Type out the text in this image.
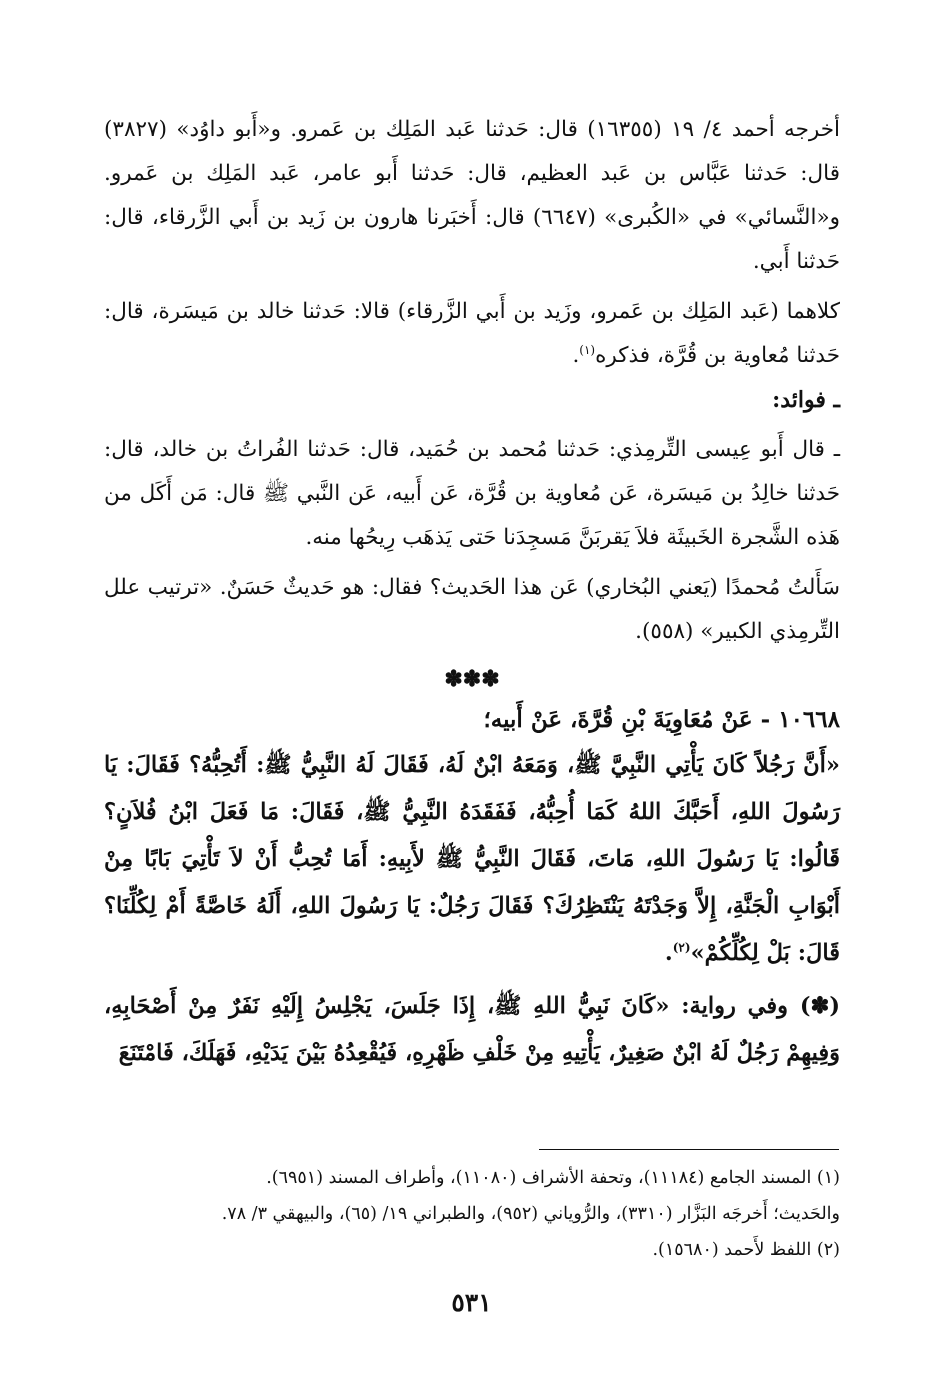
أخرجه أحمد ٤/ ١٩ (١٦٣٥٥) قال: حَدثنا عَبد المَلِك بن عَمرو. و«أَبو داوُد» (٣٨٢٧) قال: حَدثنا عَبَّاس بن عَبد العظيم، قال: حَدثنا أَبو عامر، عَبد المَلِك بن عَمرو. و«النَّسائي» في «الكُبرى» (٦٦٤٧) قال: أَخبَرنا هارون بن زَيد بن أَبي الزَّرقاء، قال: حَدثنا أَبي.

كلاهما (عَبد المَلِك بن عَمرو، وزَيد بن أَبي الزَّرقاء) قالا: حَدثنا خالد بن مَيسَرة، قال: حَدثنا مُعاوية بن قُرَّة، فذكره$^{(١)}$.

ـ فوائد:

ـ قال أَبو عِيسى التِّرمِذي: حَدثنا مُحمد بن حُمَيد، قال: حَدثنا الفُراتُ بن خالد، قال: حَدثنا خالِدُ بن مَيسَرة، عَن مُعاوية بن قُرَّة، عَن أَبيه، عَن النَّبي ﷺ قال: مَن أَكَل من هَذه الشَّجرة الخَبيثَة فلاَ يَقربَنَّ مَسجِدَنا حَتى يَذهَب رِيحُها منه.

سَأَلتُ مُحمدًا (يَعني البُخاري) عَن هذا الحَديث؟ فقال: هو حَديثٌ حَسَنٌ. «ترتيب علل التِّرمِذي الكبير» (٥٥٨).

✽✽✽

١٠٦٦٨ - عَنْ مُعَاوِيَةَ بْنِ قُرَّةَ، عَنْ أَبيه؛

«أَنَّ رَجُلاً كَانَ يَأْتِي النَّبِيَّ ﷺ، وَمَعَهُ ابْنٌ لَهُ، فَقَالَ لَهُ النَّبِيُّ ﷺ: أَتُحِبُّهُ؟ فَقَالَ: يَا رَسُولَ اللهِ، أَحَبَّكَ اللهُ كَمَا أُحِبُّهُ، فَفَقَدَهُ النَّبِيُّ ﷺ، فَقَالَ: مَا فَعَلَ ابْنُ فُلاَنٍ؟ قَالُوا: يَا رَسُولَ اللهِ، مَاتَ، فَقَالَ النَّبِيُّ ﷺ لأَبِيهِ: أَمَا تُحِبُّ أَنْ لاَ تَأْتِيَ بَابًا مِنْ أَبْوَابِ الْجَنَّةِ، إِلاَّ وَجَدْتَهُ يَنْتَظِرُكَ؟ فَقَالَ رَجُلٌ: يَا رَسُولَ اللهِ، أَلَهُ خَاصَّةً أَمْ لِكُلِّنَا؟ قَالَ: بَلْ لِكُلِّكُمْ»$^{(٢)}$.

(✽) وفي رواية: «كَانَ نَبِيُّ اللهِ ﷺ، إِذَا جَلَسَ، يَجْلِسُ إِلَيْهِ نَفَرٌ مِنْ أَصْحَابِهِ، وَفِيهِمْ رَجُلٌ لَهُ ابْنٌ صَغِيرٌ، يَأْتِيهِ مِنْ خَلْفِ ظَهْرِهِ، فَيُقْعِدُهُ بَيْنَ يَدَيْهِ، فَهَلَكَ، فَامْتَنَعَ

(١) المسند الجامع (١١١٨٤)، وتحفة الأشراف (١١٠٨٠)، وأطراف المسند (٦٩٥١).

والحَديث؛ أَخرجَه البَزَّار (٣٣١٠)، والرُّوياني (٩٥٢)، والطبراني ١٩/ (٦٥)، والبيهقي ٣/ ٧٨.

(٢) اللفظ لأَحمد (١٥٦٨٠).

٥٣١
